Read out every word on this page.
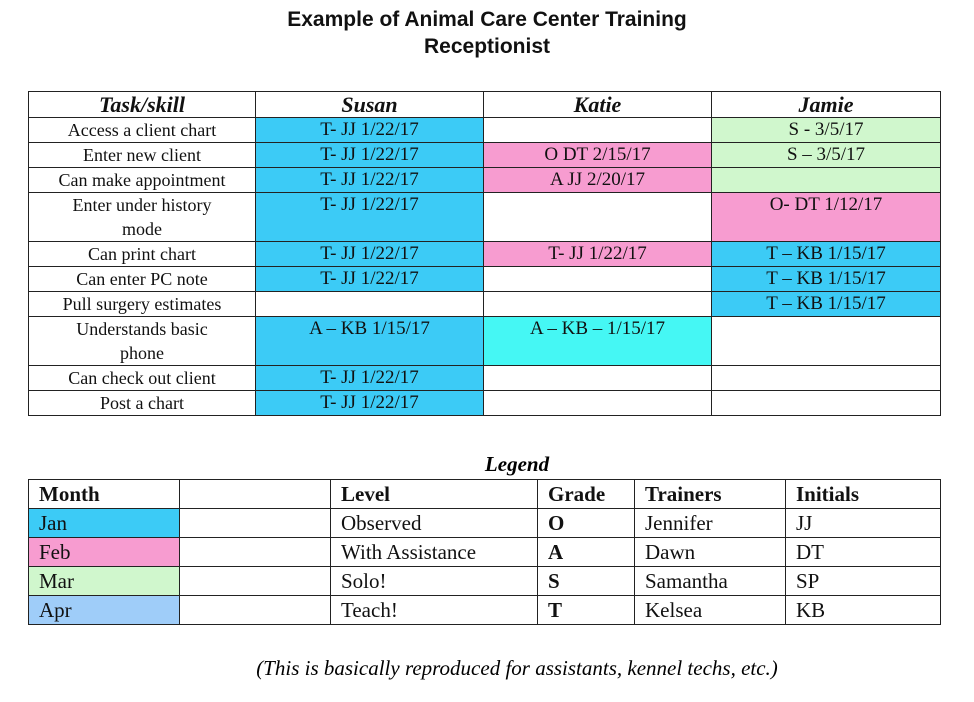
Example of Animal Care Center Training
Receptionist
Task/skill	Susan	Katie	Jamie
Access a client chart	T- JJ 1/22/17		S - 3/5/17
Enter new client	T- JJ 1/22/17	O DT 2/15/17	S – 3/5/17
Can make appointment	T- JJ 1/22/17	A JJ 2/20/17	

Enter under history
mode	T- JJ 1/22/17		O- DT 1/12/17
Can print chart	T- JJ 1/22/17	T- JJ 1/22/17	T – KB 1/15/17
Can enter PC note	T- JJ 1/22/17		T – KB 1/15/17
Pull surgery estimates			T – KB 1/15/17

Understands basic
phone	A – KB 1/15/17	A – KB – 1/15/17	
Can check out client	T- JJ 1/22/17		
Post a chart	T- JJ 1/22/17		
Legend
Month		Level	Grade	Trainers	Initials
Jan		Observed	O	Jennifer	JJ
Feb		With Assistance	A	Dawn	DT
Mar		Solo!	S	Samantha	SP
Apr		Teach!	T	Kelsea	KB
(This is basically reproduced for assistants, kennel techs, etc.)
